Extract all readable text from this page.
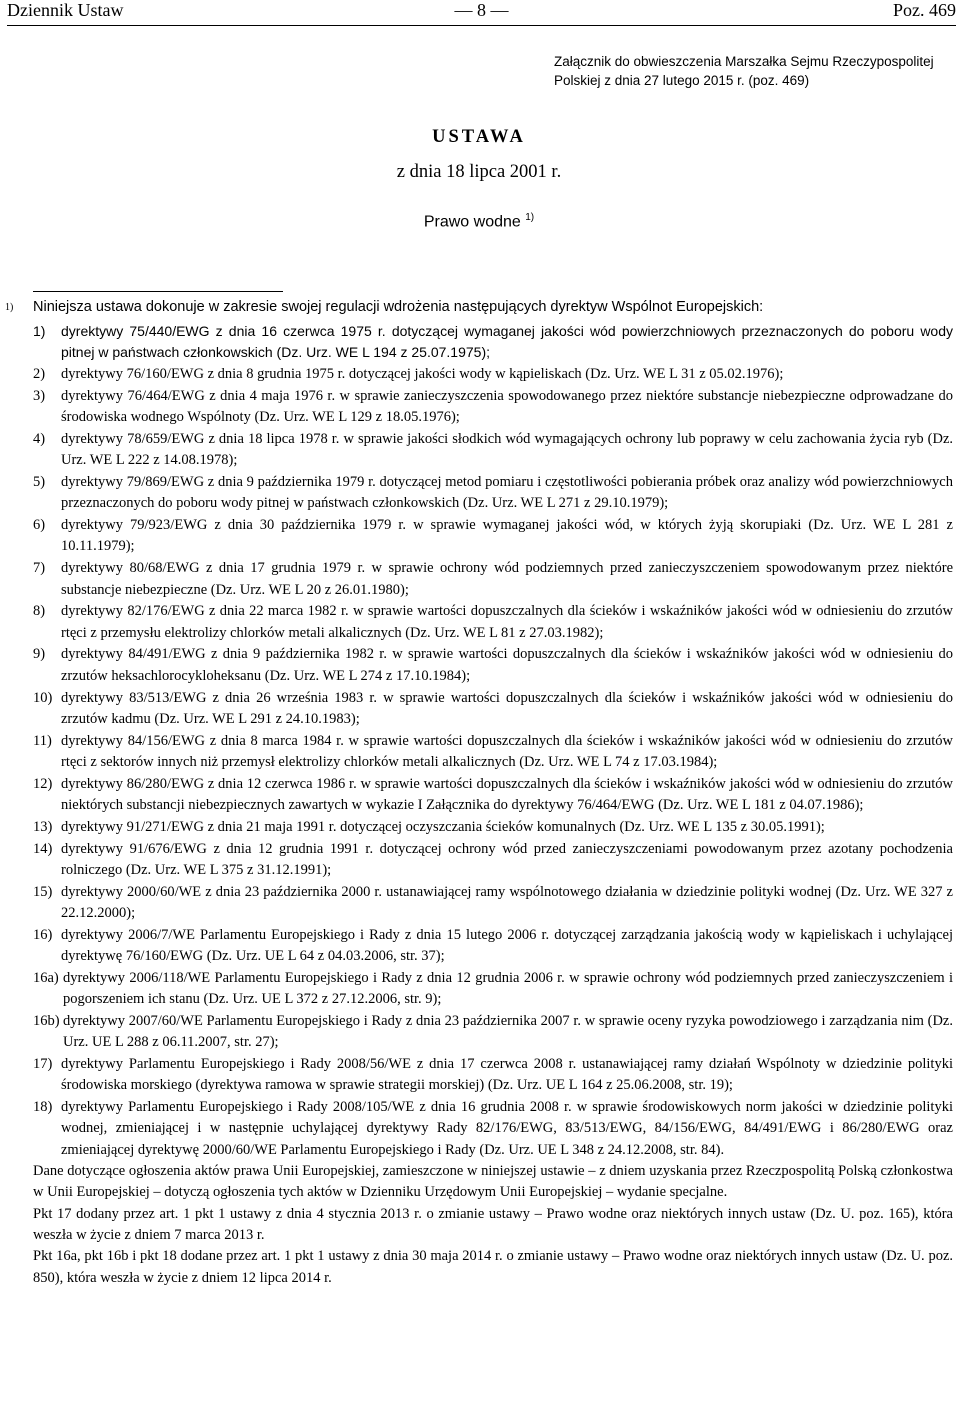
Dziennik Ustaw	— 8 —	Poz. 469
Załącznik do obwieszczenia Marszałka Sejmu Rzeczypospolitej
Polskiej z dnia 27 lutego 2015 r. (poz. 469)
USTAWA
z dnia 18 lipca 2001 r.
Prawo wodne $^{1)}$
1) Niniejsza ustawa dokonuje w zakresie swojej regulacji wdrożenia następujących dyrektyw Wspólnot Europejskich:
1) dyrektywy 75/440/EWG z dnia 16 czerwca 1975 r. dotyczącej wymaganej jakości wód powierzchniowych przeznaczonych do poboru wody pitnej w państwach członkowskich (Dz. Urz. WE L 194 z 25.07.1975);
2) dyrektywy 76/160/EWG z dnia 8 grudnia 1975 r. dotyczącej jakości wody w kąpieliskach (Dz. Urz. WE L 31 z 05.02.1976);
3) dyrektywy 76/464/EWG z dnia 4 maja 1976 r. w sprawie zanieczyszczenia spowodowanego przez niektóre substancje niebezpieczne odprowadzane do środowiska wodnego Wspólnoty (Dz. Urz. WE L 129 z 18.05.1976);
4) dyrektywy 78/659/EWG z dnia 18 lipca 1978 r. w sprawie jakości słodkich wód wymagających ochrony lub poprawy w celu zachowania życia ryb (Dz. Urz. WE L 222 z 14.08.1978);
5) dyrektywy 79/869/EWG z dnia 9 października 1979 r. dotyczącej metod pomiaru i częstotliwości pobierania próbek oraz analizy wód powierzchniowych przeznaczonych do poboru wody pitnej w państwach członkowskich (Dz. Urz. WE L 271 z 29.10.1979);
6) dyrektywy 79/923/EWG z dnia 30 października 1979 r. w sprawie wymaganej jakości wód, w których żyją skorupiaki (Dz. Urz. WE L 281 z 10.11.1979);
7) dyrektywy 80/68/EWG z dnia 17 grudnia 1979 r. w sprawie ochrony wód podziemnych przed zanieczyszczeniem spowodowanym przez niektóre substancje niebezpieczne (Dz. Urz. WE L 20 z 26.01.1980);
8) dyrektywy 82/176/EWG z dnia 22 marca 1982 r. w sprawie wartości dopuszczalnych dla ścieków i wskaźników jakości wód w odniesieniu do zrzutów rtęci z przemysłu elektrolizy chlorków metali alkalicznych (Dz. Urz. WE L 81 z 27.03.1982);
9) dyrektywy 84/491/EWG z dnia 9 października 1982 r. w sprawie wartości dopuszczalnych dla ścieków i wskaźników jakości wód w odniesieniu do zrzutów heksachlorocykloheksanu (Dz. Urz. WE L 274 z 17.10.1984);
10) dyrektywy 83/513/EWG z dnia 26 września 1983 r. w sprawie wartości dopuszczalnych dla ścieków i wskaźników jakości wód w odniesieniu do zrzutów kadmu (Dz. Urz. WE L 291 z 24.10.1983);
11) dyrektywy 84/156/EWG z dnia 8 marca 1984 r. w sprawie wartości dopuszczalnych dla ścieków i wskaźników jakości wód w odniesieniu do zrzutów rtęci z sektorów innych niż przemysł elektrolizy chlorków metali alkalicznych (Dz. Urz. WE L 74 z 17.03.1984);
12) dyrektywy 86/280/EWG z dnia 12 czerwca 1986 r. w sprawie wartości dopuszczalnych dla ścieków i wskaźników jakości wód w odniesieniu do zrzutów niektórych substancji niebezpiecznych zawartych w wykazie I Załącznika do dyrektywy 76/464/EWG (Dz. Urz. WE L 181 z 04.07.1986);
13) dyrektywy 91/271/EWG z dnia 21 maja 1991 r. dotyczącej oczyszczania ścieków komunalnych (Dz. Urz. WE L 135 z 30.05.1991);
14) dyrektywy 91/676/EWG z dnia 12 grudnia 1991 r. dotyczącej ochrony wód przed zanieczyszczeniami powodowanym przez azotany pochodzenia rolniczego (Dz. Urz. WE L 375 z 31.12.1991);
15) dyrektywy 2000/60/WE z dnia 23 października 2000 r. ustanawiającej ramy wspólnotowego działania w dziedzinie polityki wodnej (Dz. Urz. WE 327 z 22.12.2000);
16) dyrektywy 2006/7/WE Parlamentu Europejskiego i Rady z dnia 15 lutego 2006 r. dotyczącej zarządzania jakością wody w kąpieliskach i uchylającej dyrektywę 76/160/EWG (Dz. Urz. UE L 64 z 04.03.2006, str. 37);
16a) dyrektywy 2006/118/WE Parlamentu Europejskiego i Rady z dnia 12 grudnia 2006 r. w sprawie ochrony wód podziemnych przed zanieczyszczeniem i pogorszeniem ich stanu (Dz. Urz. UE L 372 z 27.12.2006, str. 9);
16b) dyrektywy 2007/60/WE Parlamentu Europejskiego i Rady z dnia 23 października 2007 r. w sprawie oceny ryzyka powodziowego i zarządzania nim (Dz. Urz. UE L 288 z 06.11.2007, str. 27);
17) dyrektywy Parlamentu Europejskiego i Rady 2008/56/WE z dnia 17 czerwca 2008 r. ustanawiającej ramy działań Wspólnoty w dziedzinie polityki środowiska morskiego (dyrektywa ramowa w sprawie strategii morskiej) (Dz. Urz. UE L 164 z 25.06.2008, str. 19);
18) dyrektywy Parlamentu Europejskiego i Rady 2008/105/WE z dnia 16 grudnia 2008 r. w sprawie środowiskowych norm jakości w dziedzinie polityki wodnej, zmieniającej i w następnie uchylającej dyrektywy Rady 82/176/EWG, 83/513/EWG, 84/156/EWG, 84/491/EWG i 86/280/EWG oraz zmieniającej dyrektywę 2000/60/WE Parlamentu Europejskiego i Rady (Dz. Urz. UE L 348 z 24.12.2008, str. 84).
Dane dotyczące ogłoszenia aktów prawa Unii Europejskiej, zamieszczone w niniejszej ustawie – z dniem uzyskania przez Rzeczpospolitą Polską członkostwa w Unii Europejskiej – dotyczą ogłoszenia tych aktów w Dzienniku Urzędowym Unii Europejskiej – wydanie specjalne.
Pkt 17 dodany przez art. 1 pkt 1 ustawy z dnia 4 stycznia 2013 r. o zmianie ustawy – Prawo wodne oraz niektórych innych ustaw (Dz. U. poz. 165), która weszła w życie z dniem 7 marca 2013 r.
Pkt 16a, pkt 16b i pkt 18 dodane przez art. 1 pkt 1 ustawy z dnia 30 maja 2014 r. o zmianie ustawy – Prawo wodne oraz niektórych innych ustaw (Dz. U. poz. 850), która weszła w życie z dniem 12 lipca 2014 r.
